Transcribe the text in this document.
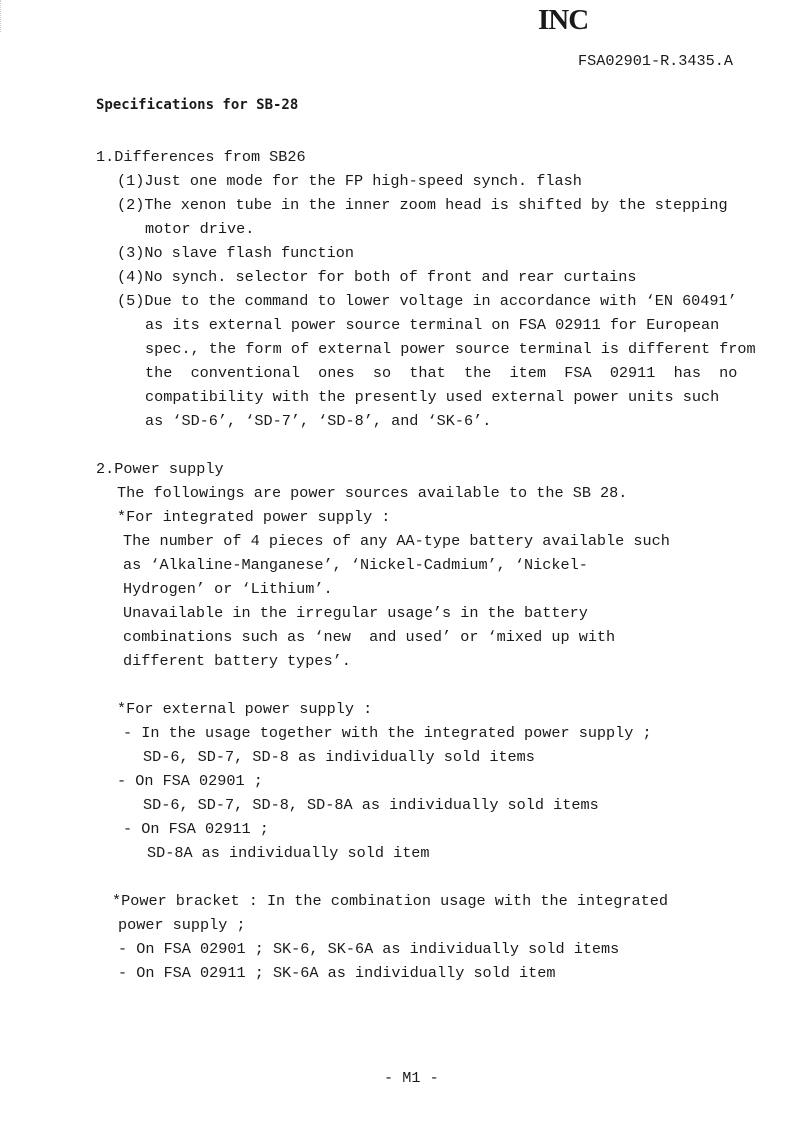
INC
FSA02901-R.3435.A
Specifications for SB-28
1.Differences from SB26
(1)Just one mode for the FP high-speed synch. flash
(2)The xenon tube in the inner zoom head is shifted by the stepping
motor drive.
(3)No slave flash function
(4)No synch. selector for both of front and rear curtains
(5)Due to the command to lower voltage in accordance with ‘EN 60491’
as its external power source terminal on FSA 02911 for European
spec., the form of external power source terminal is different from
the  conventional  ones  so  that  the  item  FSA  02911  has  no
compatibility with the presently used external power units such
as ‘SD-6’, ‘SD-7’, ‘SD-8’, and ‘SK-6’.
2.Power supply
The followings are power sources available to the SB 28.
*For integrated power supply :
The number of 4 pieces of any AA-type battery available such
as ‘Alkaline-Manganese’, ‘Nickel-Cadmium’, ‘Nickel-
Hydrogen’ or ‘Lithium’.
Unavailable in the irregular usage’s in the battery
combinations such as ‘new  and used’ or ‘mixed up with
different battery types’.
*For external power supply :
- In the usage together with the integrated power supply ;
SD-6, SD-7, SD-8 as individually sold items
- On FSA 02901 ;
SD-6, SD-7, SD-8, SD-8A as individually sold items
- On FSA 02911 ;
SD-8A as individually sold item
*Power bracket : In the combination usage with the integrated
power supply ;
- On FSA 02901 ; SK-6, SK-6A as individually sold items
- On FSA 02911 ; SK-6A as individually sold item
- M1 -
